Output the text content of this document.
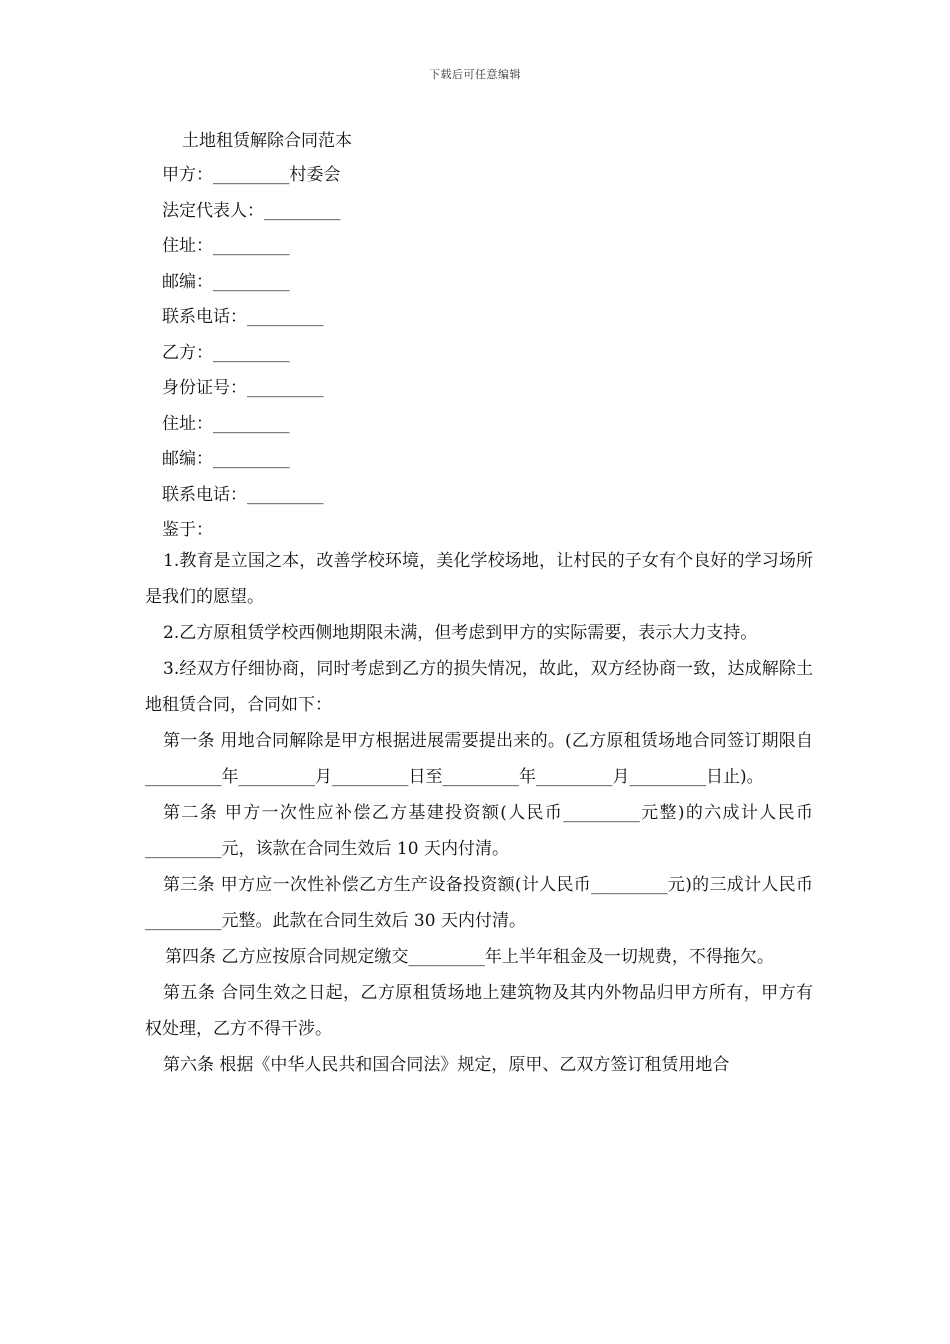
下载后可任意编辑
土地租赁解除合同范本
甲方：_________村委会
法定代表人：_________
住址：_________
邮编：_________
联系电话：_________
乙方：_________
身份证号：_________
住址：_________
邮编：_________
联系电话：_________
鉴于：

1.教育是立国之本，改善学校环境，美化学校场地，让村民的子女有个良好的学习场所是我们的愿望。

2.乙方原租赁学校西侧地期限未满，但考虑到甲方的实际需要，表示大力支持。

3.经双方仔细协商，同时考虑到乙方的损失情况，故此，双方经协商一致，达成解除土地租赁合同，合同如下：

第一条 用地合同解除是甲方根据进展需要提出来的。(乙方原租赁场地合同签订期限自_________年_________月_________日至_________年_________月_________日止)。

第二条 甲方一次性应补偿乙方基建投资额(人民币_________元整)的六成计人民币_________元，该款在合同生效后 10 天内付清。

第三条 甲方应一次性补偿乙方生产设备投资额(计人民币_________元)的三成计人民币_________元整。此款在合同生效后 30 天内付清。

第四条 乙方应按原合同规定缴交_________年上半年租金及一切规费，不得拖欠。

第五条 合同生效之日起，乙方原租赁场地上建筑物及其内外物品归甲方所有，甲方有权处理，乙方不得干涉。

第六条 根据《中华人民共和国合同法》规定，原甲、乙双方签订租赁用地合
